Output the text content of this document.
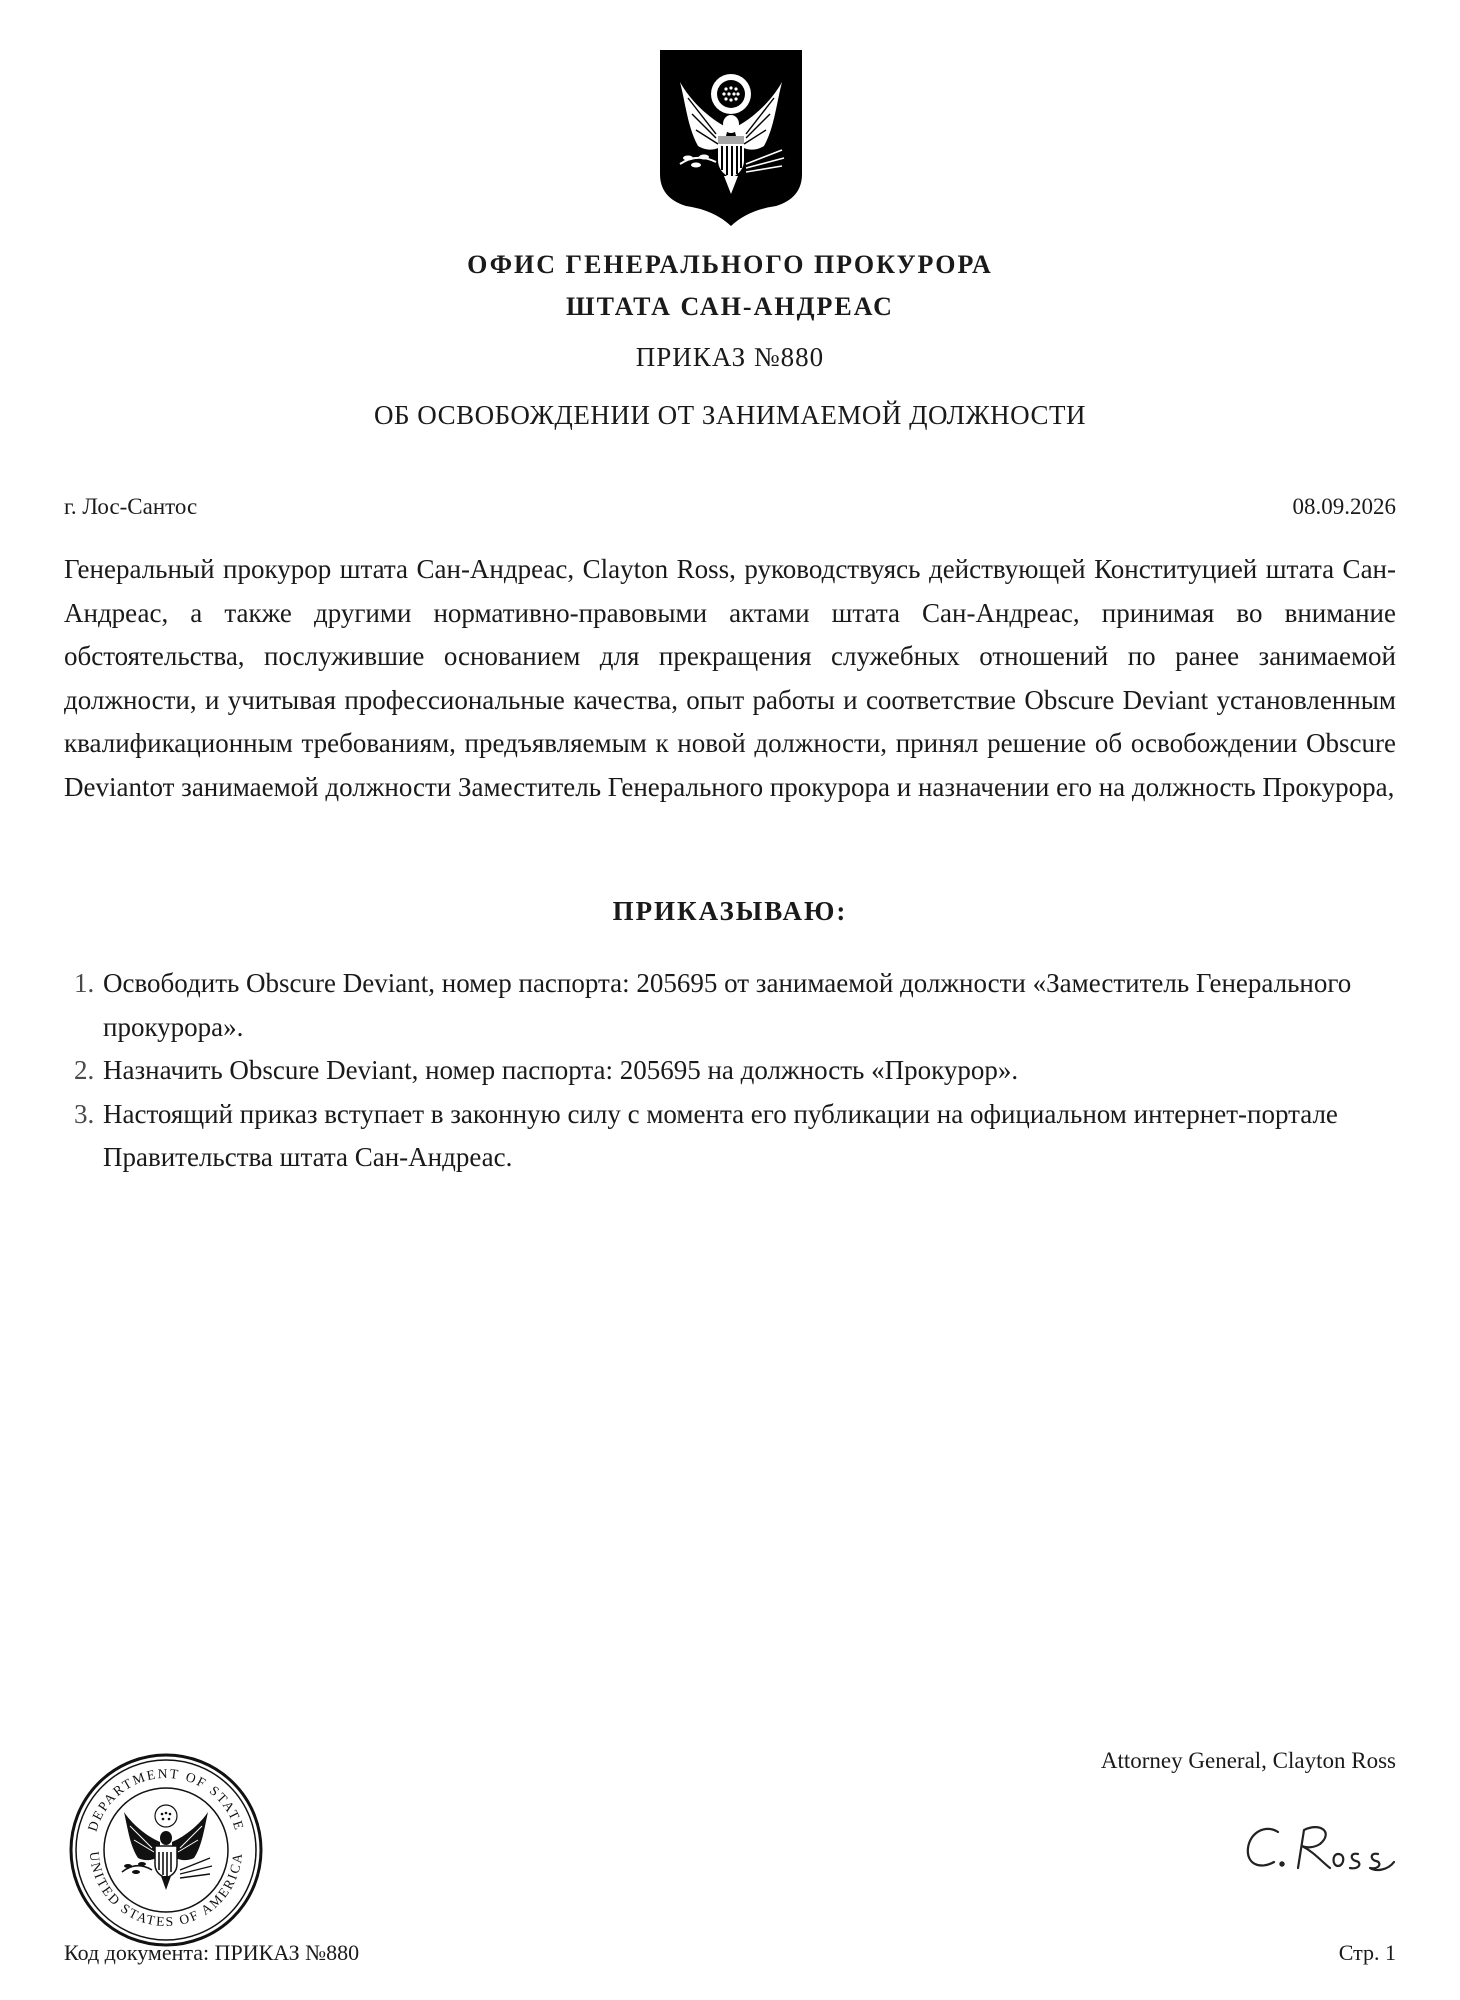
ОФИС ГЕНЕРАЛЬНОГО ПРОКУРОРА
ШТАТА САН-АНДРЕАС
ПРИКАЗ №880
ОБ ОСВОБОЖДЕНИИ ОТ ЗАНИМАЕМОЙ ДОЛЖНОСТИ
г. Лос-Сантос	08.09.2026

Генеральный прокурор штата Сан-Андреас, Clayton Ross, руководствуясь действующей Конституцией штата Сан-Андреас, а также другими нормативно-правовыми актами штата Сан-Андреас, принимая во внимание обстоятельства, послужившие основанием для прекращения служебных отношений по ранее занимаемой должности, и учитывая профессиональные качества, опыт работы и соответствие Obscure Deviant установленным квалификационным требованиям, предъявляемым к новой должности, принял решение об освобождении Obscure Deviantот занимаемой должности Заместитель Генерального прокурора и назначении его на должность Прокурора,

ПРИКАЗЫВАЮ:
1. Освободить Obscure Deviant, номер паспорта: 205695 от занимаемой должности «Заместитель Генерального прокурора».
2. Назначить Obscure Deviant, номер паспорта: 205695 на должность «Прокурор».
3. Настоящий приказ вступает в законную силу с момента его публикации на официальном интернет-портале Правительства штата Сан-Андреас.
DEPARTMENT OF STATE
UNITED STATES OF AMERICA
Attorney General, Clayton Ross
Код документа: ПРИКАЗ №880	Стр. 1
